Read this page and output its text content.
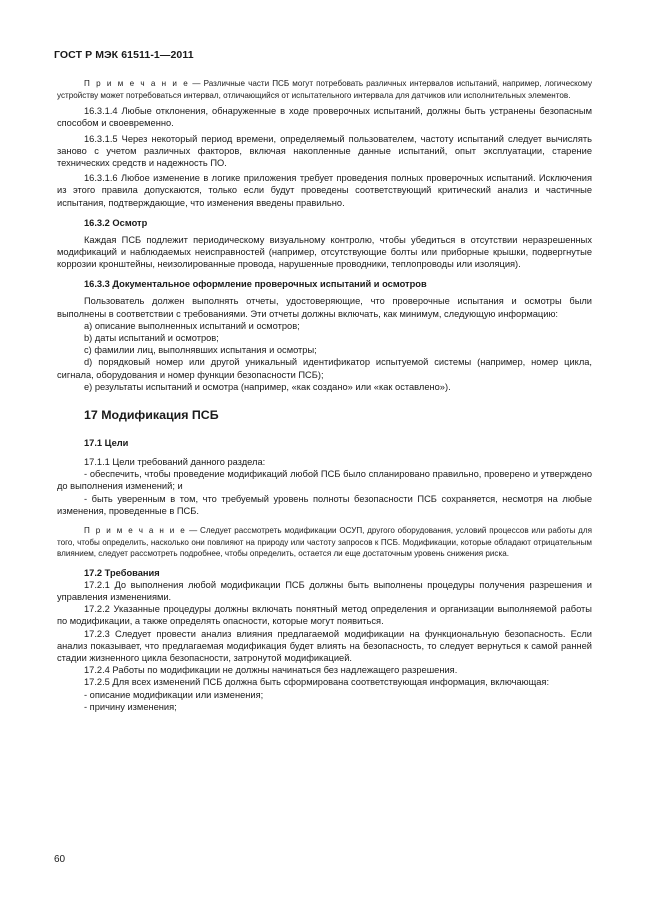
ГОСТ Р МЭК 61511-1—2011

П р и м е ч а н и е — Различные части ПСБ могут потребовать различных интервалов испытаний, например, логическому устройству может потребоваться интервал, отличающийся от испытательного интервала для датчиков или исполнительных элементов.

16.3.1.4 Любые отклонения, обнаруженные в ходе проверочных испытаний, должны быть устранены безопасным способом и своевременно.

16.3.1.5 Через некоторый период времени, определяемый пользователем, частоту испытаний следует вычислять заново с учетом различных факторов, включая накопленные данные испытаний, опыт эксплуатации, старение технических средств и надежность ПО.

16.3.1.6 Любое изменение в логике приложения требует проведения полных проверочных испытаний. Исключения из этого правила допускаются, только если будут проведены соответствующий критический анализ и частичные испытания, подтверждающие, что изменения введены правильно.

16.3.2 Осмотр

Каждая ПСБ подлежит периодическому визуальному контролю, чтобы убедиться в отсутствии неразрешенных модификаций и наблюдаемых неисправностей (например, отсутствующие болты или приборные крышки, подвергнутые коррозии кронштейны, неизолированные провода, нарушенные проводники, теплопроводы или изоляция).

16.3.3 Документальное оформление проверочных испытаний и осмотров

Пользователь должен выполнять отчеты, удостоверяющие, что проверочные испытания и осмотры были выполнены в соответствии с требованиями. Эти отчеты должны включать, как минимум, следующую информацию:

a) описание выполненных испытаний и осмотров;

b) даты испытаний и осмотров;

c) фамилии лиц, выполнявших испытания и осмотры;

d) порядковый номер или другой уникальный идентификатор испытуемой системы (например, номер цикла, сигнала, оборудования и номер функции безопасности ПСБ);

e) результаты испытаний и осмотра (например, «как создано» или «как оставлено»).

17 Модификация ПСБ

17.1 Цели

17.1.1 Цели требований данного раздела:

- обеспечить, чтобы проведение модификаций любой ПСБ было спланировано правильно, проверено и утверждено до выполнения изменений; и

- быть уверенным в том, что требуемый уровень полноты безопасности ПСБ сохраняется, несмотря на любые изменения, проведенные в ПСБ.

П р и м е ч а н и е — Следует рассмотреть модификации ОСУП, другого оборудования, условий процессов или работы для того, чтобы определить, насколько они повлияют на природу или частоту запросов к ПСБ. Модификации, которые обладают отрицательным влиянием, следует рассмотреть подробнее, чтобы определить, остается ли еще достаточным уровень снижения риска.

17.2 Требования

17.2.1 До выполнения любой модификации ПСБ должны быть выполнены процедуры получения разрешения и управления изменениями.

17.2.2 Указанные процедуры должны включать понятный метод определения и организации выполняемой работы по модификации, а также определять опасности, которые могут появиться.

17.2.3 Следует провести анализ влияния предлагаемой модификации на функциональную безопасность. Если анализ показывает, что предлагаемая модификация будет влиять на безопасность, то следует вернуться к самой ранней стадии жизненного цикла безопасности, затронутой модификацией.

17.2.4 Работы по модификации не должны начинаться без надлежащего разрешения.

17.2.5 Для всех изменений ПСБ должна быть сформирована соответствующая информация, включающая:

- описание модификации или изменения;

- причину изменения;

60
